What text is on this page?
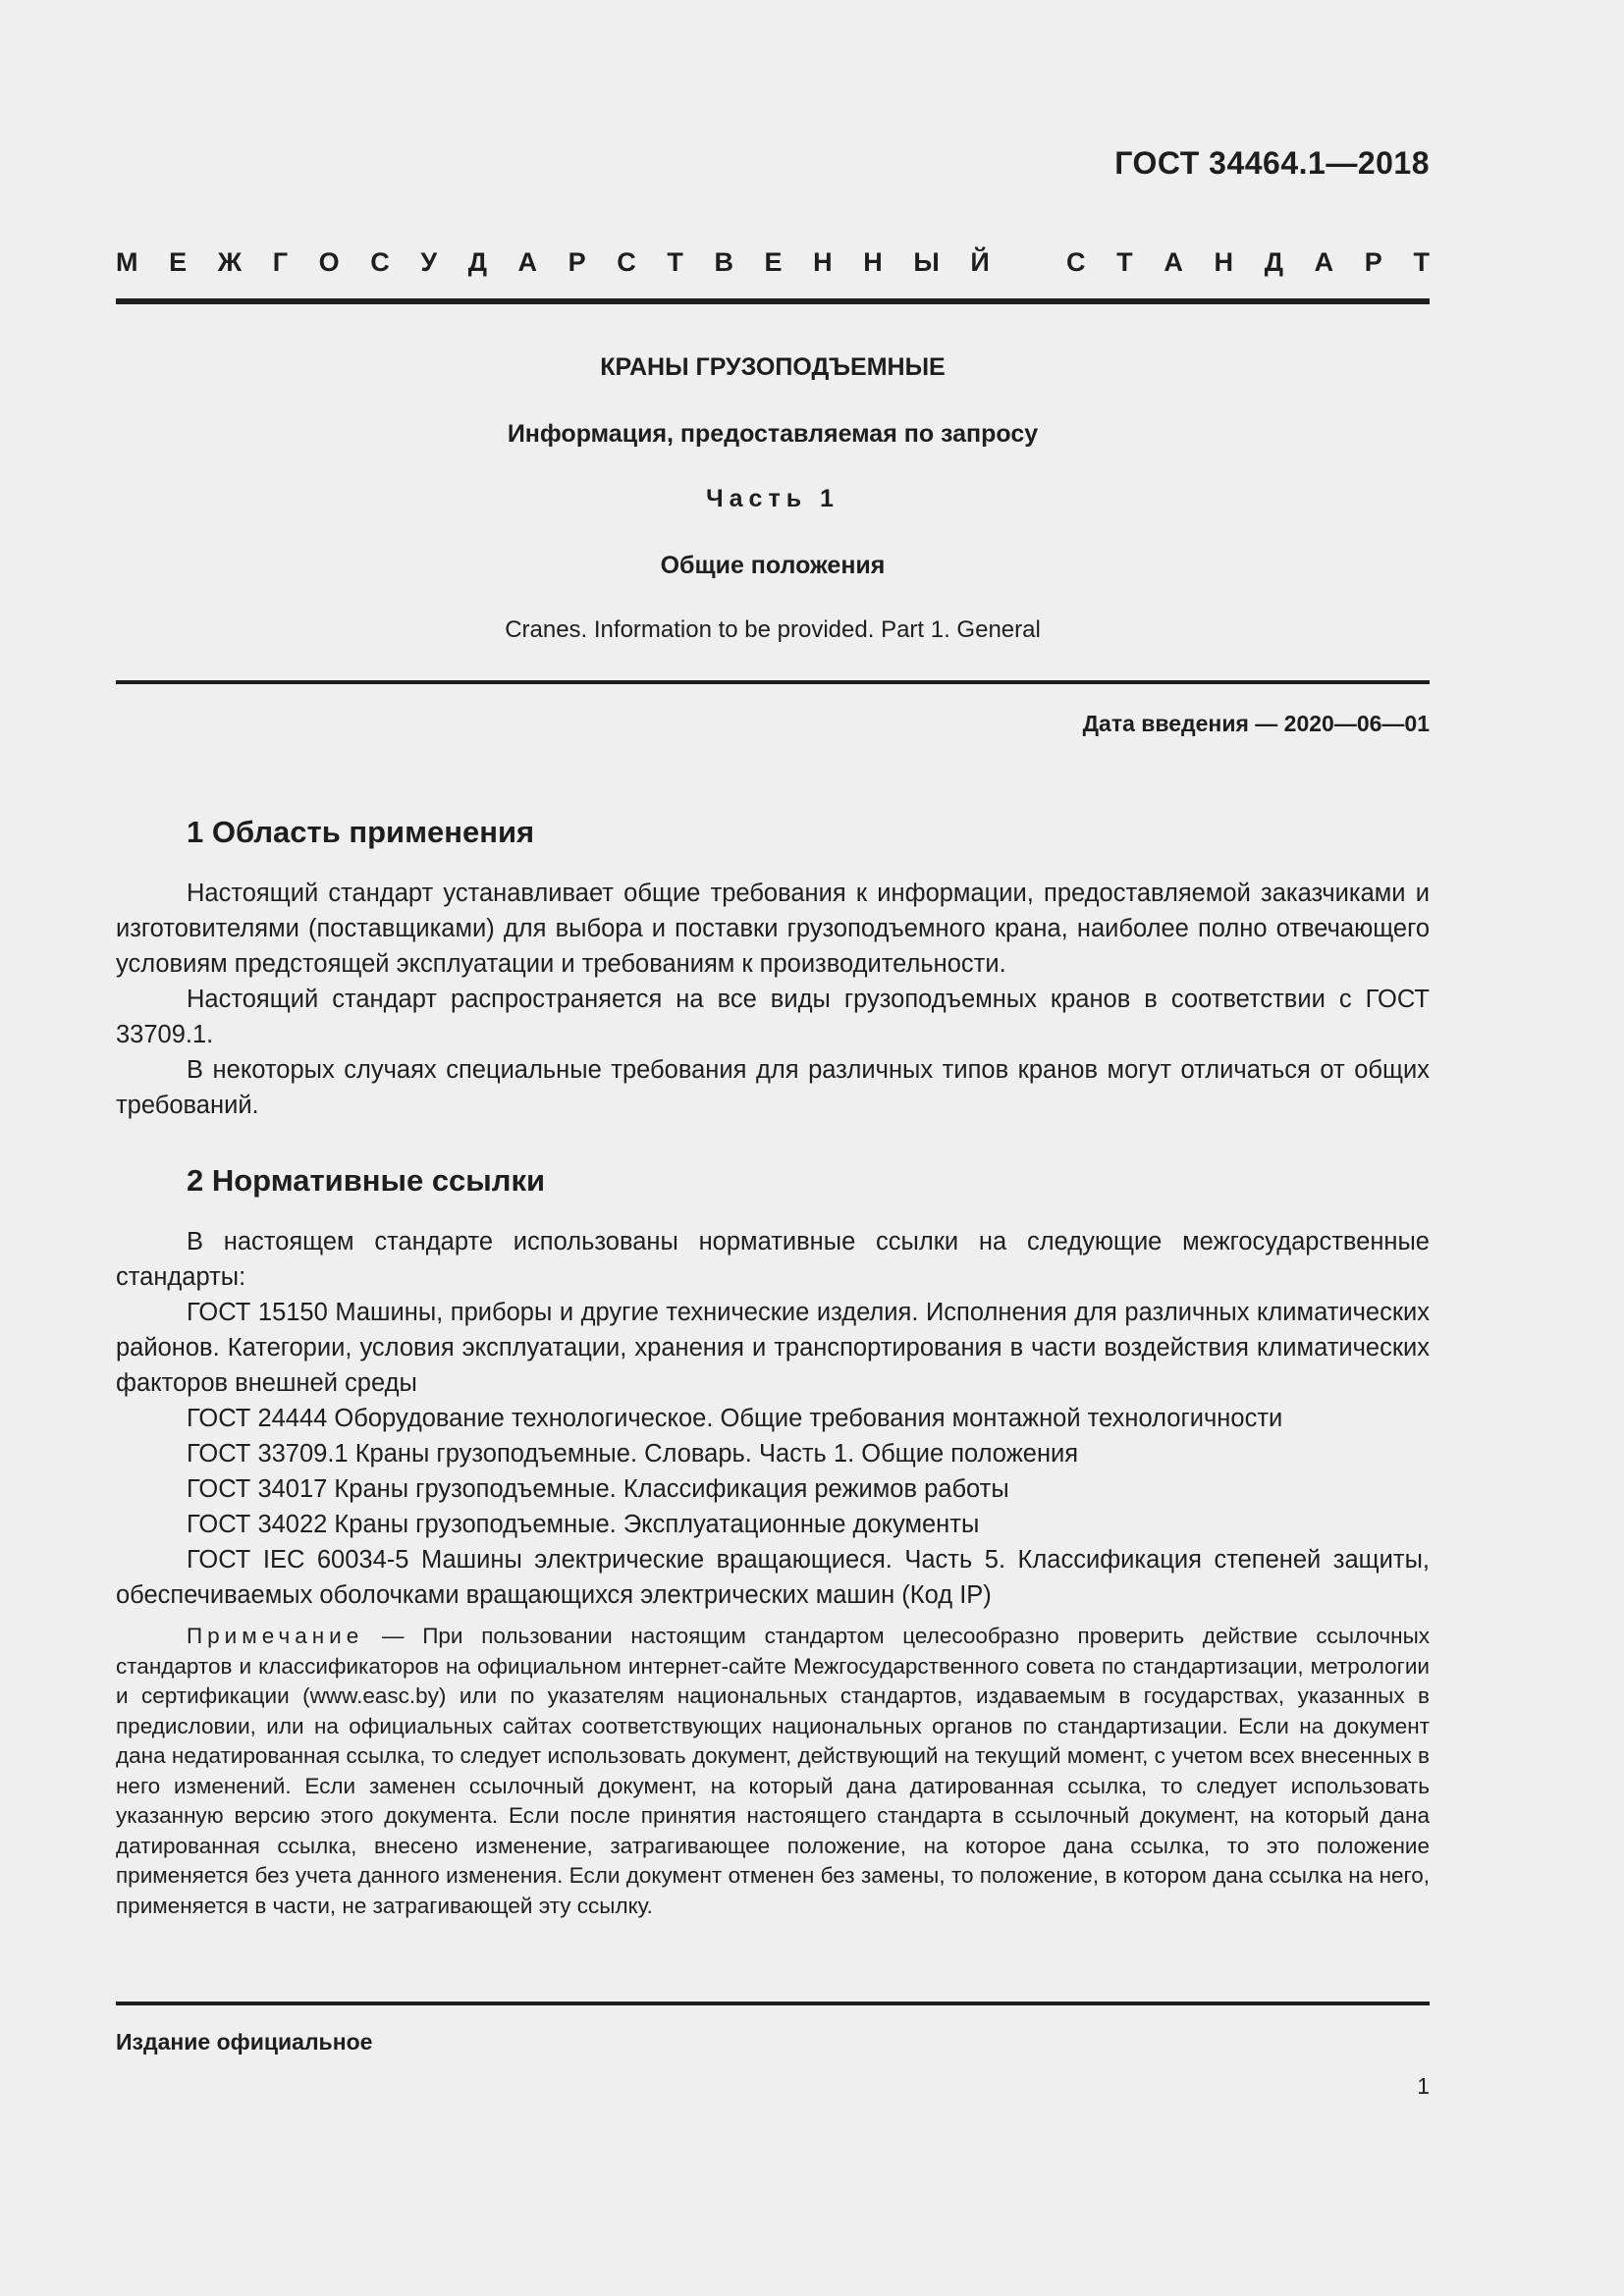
ГОСТ 34464.1—2018
М Е Ж Г О С У Д А Р С Т В Е Н Н Ы Й	С Т А Н Д А Р Т
КРАНЫ ГРУЗОПОДЪЕМНЫЕ
Информация, предоставляемая по запросу
Часть 1
Общие положения
Cranes. Information to be provided. Part 1. General
Дата введения — 2020—06—01
1 Область применения

Настоящий стандарт устанавливает общие требования к информации, предоставляемой заказчиками и изготовителями (поставщиками) для выбора и поставки грузоподъемного крана, наиболее полно отвечающего условиям предстоящей эксплуатации и требованиям к производительности.

Настоящий стандарт распространяется на все виды грузоподъемных кранов в соответствии с ГОСТ 33709.1.

В некоторых случаях специальные требования для различных типов кранов могут отличаться от общих требований.

2 Нормативные ссылки

В настоящем стандарте использованы нормативные ссылки на следующие межгосударственные стандарты:

ГОСТ 15150 Машины, приборы и другие технические изделия. Исполнения для различных климатических районов. Категории, условия эксплуатации, хранения и транспортирования в части воздействия климатических факторов внешней среды

ГОСТ 24444 Оборудование технологическое. Общие требования монтажной технологичности

ГОСТ 33709.1 Краны грузоподъемные. Словарь. Часть 1. Общие положения

ГОСТ 34017 Краны грузоподъемные. Классификация режимов работы

ГОСТ 34022 Краны грузоподъемные. Эксплуатационные документы

ГОСТ IEC 60034-5 Машины электрические вращающиеся. Часть 5. Классификация степеней защиты, обеспечиваемых оболочками вращающихся электрических машин (Код IP)

Примечание — При пользовании настоящим стандартом целесообразно проверить действие ссылочных стандартов и классификаторов на официальном интернет-сайте Межгосударственного совета по стандартизации, метрологии и сертификации (www.easc.by) или по указателям национальных стандартов, издаваемым в государствах, указанных в предисловии, или на официальных сайтах соответствующих национальных органов по стандартизации. Если на документ дана недатированная ссылка, то следует использовать документ, действующий на текущий момент, с учетом всех внесенных в него изменений. Если заменен ссылочный документ, на который дана датированная ссылка, то следует использовать указанную версию этого документа. Если после принятия настоящего стандарта в ссылочный документ, на который дана датированная ссылка, внесено изменение, затрагивающее положение, на которое дана ссылка, то это положение применяется без учета данного изменения. Если документ отменен без замены, то положение, в котором дана ссылка на него, применяется в части, не затрагивающей эту ссылку.

Издание официальное
1
